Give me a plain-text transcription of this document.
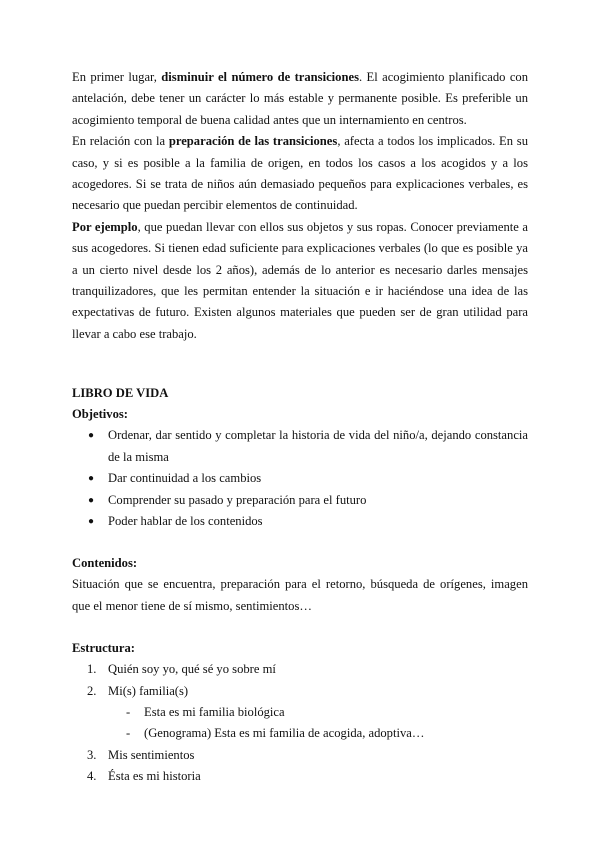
En primer lugar, disminuir el número de transiciones. El acogimiento planificado con antelación, debe tener un carácter lo más estable y permanente posible. Es preferible un acogimiento temporal de buena calidad antes que un internamiento en centros.

En relación con la preparación de las transiciones, afecta a todos los implicados. En su caso, y si es posible a la familia de origen, en todos los casos a los acogidos y a los acogedores. Si se trata de niños aún demasiado pequeños para explicaciones verbales, es necesario que puedan percibir elementos de continuidad.

Por ejemplo, que puedan llevar con ellos sus objetos y sus ropas. Conocer previamente a sus acogedores. Si tienen edad suficiente para explicaciones verbales (lo que es posible ya a un cierto nivel desde los 2 años), además de lo anterior es necesario darles mensajes tranquilizadores, que les permitan entender la situación e ir haciéndose una idea de las expectativas de futuro. Existen algunos materiales que pueden ser de gran utilidad para llevar a cabo ese trabajo.

LIBRO DE VIDA

Objetivos:

● Ordenar, dar sentido y completar la historia de vida del niño/a, dejando constancia de la misma
● Dar continuidad a los cambios
● Comprender su pasado y preparación para el futuro
● Poder hablar de los contenidos

Contenidos:

Situación que se encuentra, preparación para el retorno, búsqueda de orígenes, imagen que el menor tiene de sí mismo, sentimientos…

Estructura:

1. Quién soy yo, qué sé yo sobre mí
2. Mi(s) familia(s)
- Esta es mi familia biológica
- (Genograma) Esta es mi familia de acogida, adoptiva…
3. Mis sentimientos
4. Ésta es mi historia
